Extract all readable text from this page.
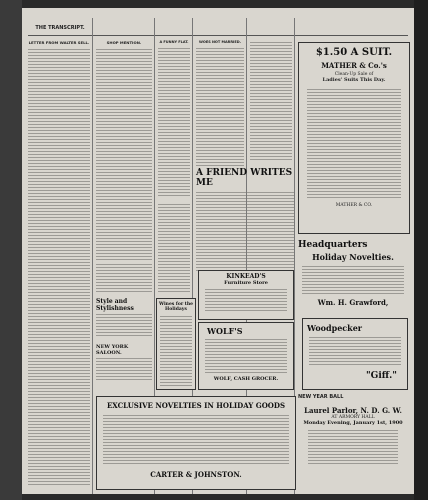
THE TRANSCRIPT.
LETTER FROM WALTER SELL.	SHOP MENTION.	A FUNNY FLAT.	WOES NOT MARRIED.
$1.50 A SUIT.
MATHER & Co.'s
Clean-Up Sale of
Ladies' Suits This Day.
MATHER & CO.
Headquarters
Holiday Novelties.
Wm. H. Grawford,
Woodpecker
"Giff."
NEW YEAR BALL
Laurel Parlor, N. D. G. W.
AT ARMORY HALL
Monday Evening, January 1st, 1900
A FRIEND WRITES ME
KINKEAD'S
Furniture Store
WOLF'S
WOLF, CASH GROCER.
Style and Stylishness
NEW YORK SALOON.
Wines for the Holidays
EXCLUSIVE NOVELTIES IN HOLIDAY GOODS
CARTER & JOHNSTON.
